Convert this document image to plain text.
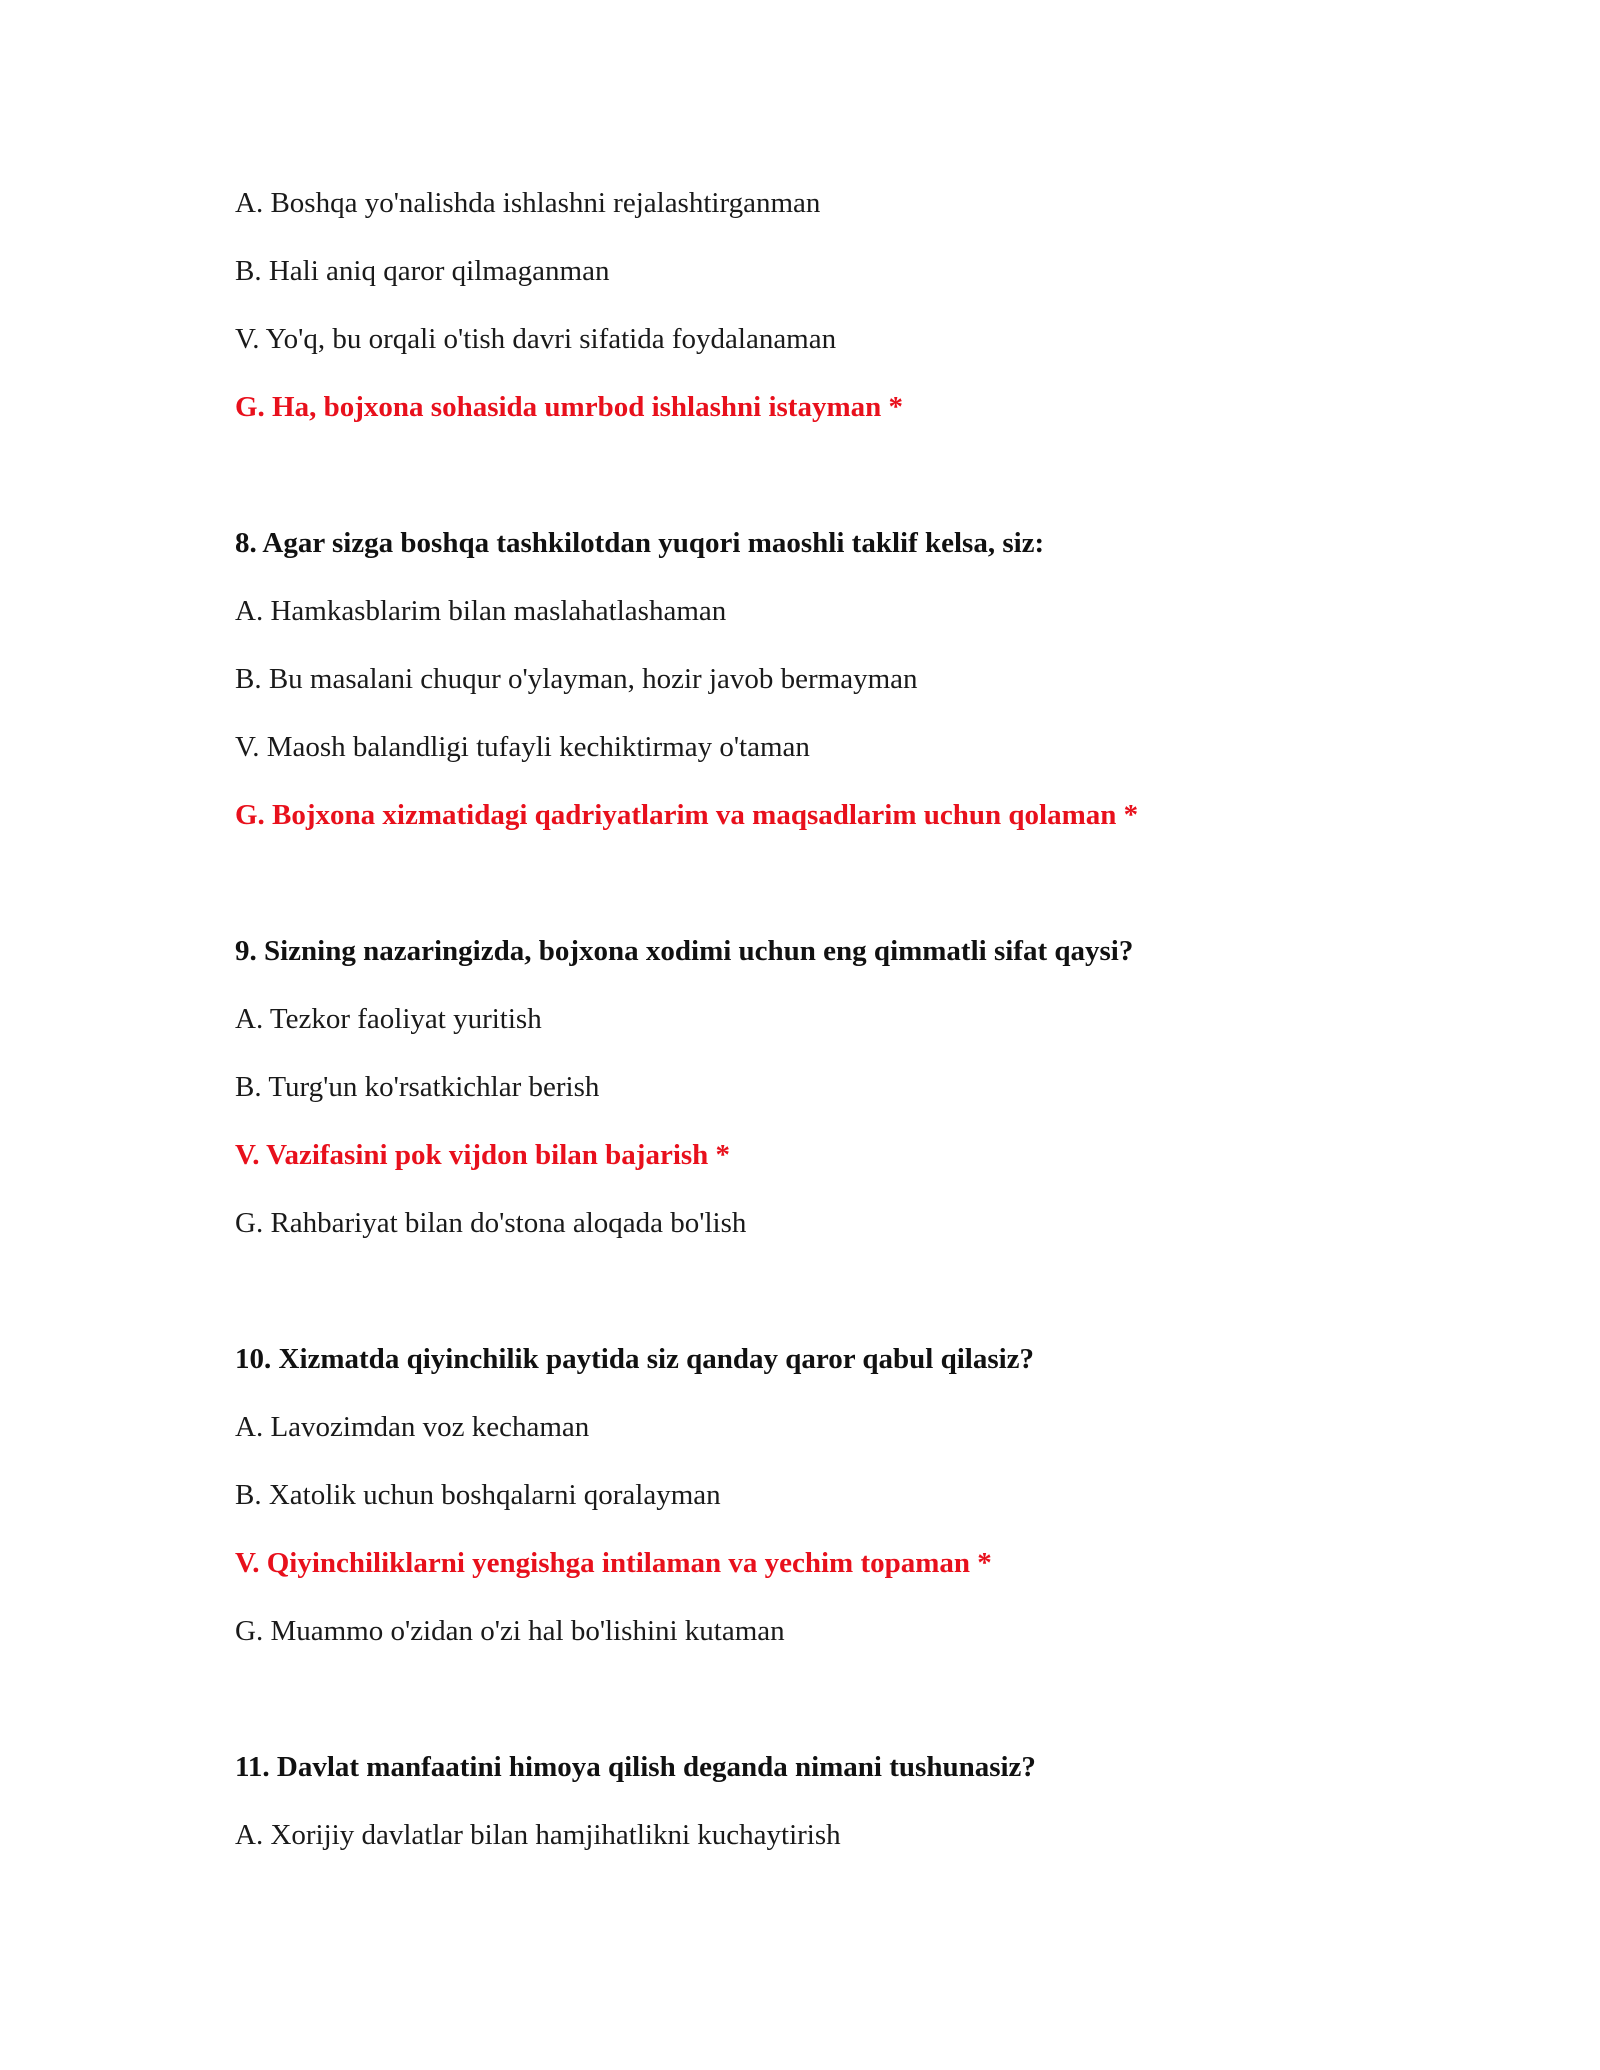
A. Boshqa yo'nalishda ishlashni rejalashtirganman
B. Hali aniq qaror qilmaganman
V. Yo'q, bu orqali o'tish davri sifatida foydalanaman
G. Ha, bojxona sohasida umrbod ishlashni istayman *
8. Agar sizga boshqa tashkilotdan yuqori maoshli taklif kelsa, siz:
A. Hamkasblarim bilan maslahatlashaman
B. Bu masalani chuqur o'ylayman, hozir javob bermayman
V. Maosh balandligi tufayli kechiktirmay o'taman
G. Bojxona xizmatidagi qadriyatlarim va maqsadlarim uchun qolaman *
9. Sizning nazaringizda, bojxona xodimi uchun eng qimmatli sifat qaysi?
A. Tezkor faoliyat yuritish
B. Turg'un ko'rsatkichlar berish
V. Vazifasini pok vijdon bilan bajarish *
G. Rahbariyat bilan do'stona aloqada bo'lish
10. Xizmatda qiyinchilik paytida siz qanday qaror qabul qilasiz?
A. Lavozimdan voz kechaman
B. Xatolik uchun boshqalarni qoralayman
V. Qiyinchiliklarni yengishga intilaman va yechim topaman *
G. Muammo o'zidan o'zi hal bo'lishini kutaman
11. Davlat manfaatini himoya qilish deganda nimani tushunasiz?
A. Xorijiy davlatlar bilan hamjihatlikni kuchaytirish
